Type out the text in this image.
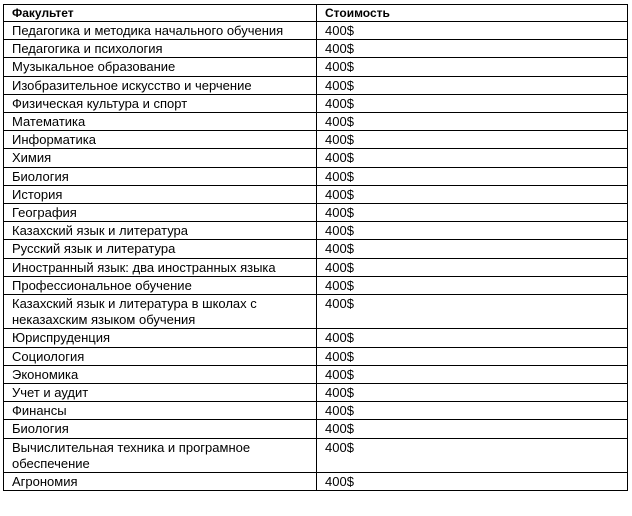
Факультет	Стоимость
Педагогика и методика начального обучения	400$
Педагогика и психология	400$
Музыкальное образование	400$
Изобразительное искусство и черчение	400$
Физическая культура и спорт	400$
Математика	400$
Информатика	400$
Химия	400$
Биология	400$
История	400$
География	400$
Казахский язык и литература	400$
Русский язык и литература	400$
Иностранный язык: два иностранных языка	400$
Профессиональное обучение	400$
Казахский язык и литература в школах с неказахским языком обучения	400$
Юриспруденция	400$
Социология	400$
Экономика	400$
Учет и аудит	400$
Финансы	400$
Биология	400$
Вычислительная техника и програмное обеспечение	400$
Агрономия	400$
